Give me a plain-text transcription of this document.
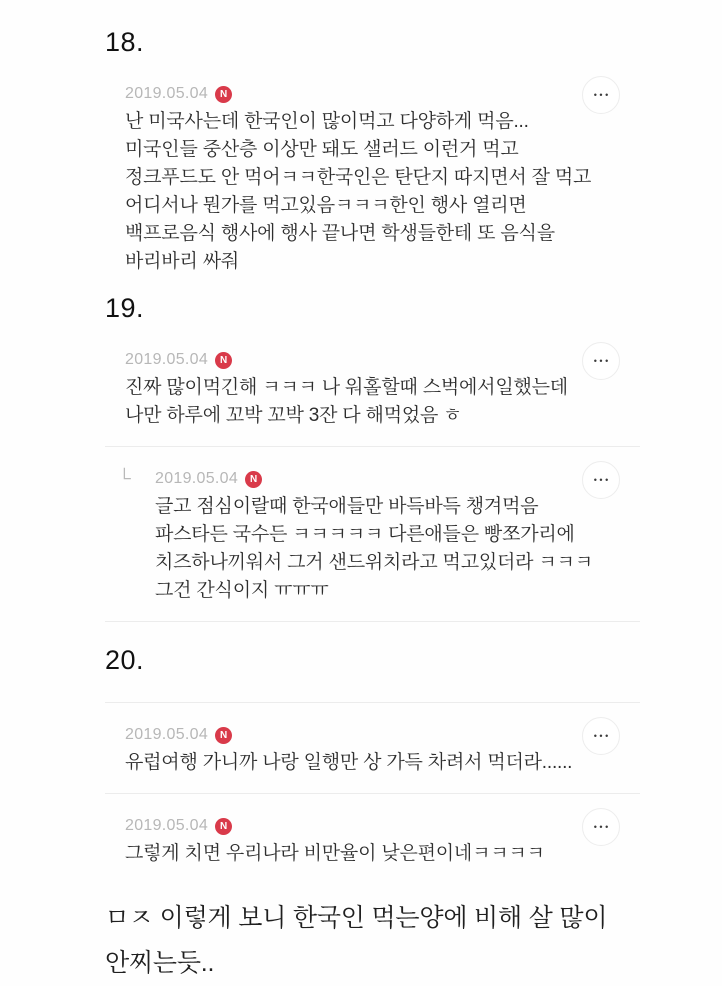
18.
2019.05.04	N
난 미국사는데 한국인이 많이먹고 다양하게 먹음...
미국인들 중산층 이상만 돼도 샐러드 이런거 먹고
정크푸드도 안 먹어ㅋㅋ한국인은 탄단지 따지면서 잘 먹고
어디서나 뭔가를 먹고있음ㅋㅋㅋ한인 행사 열리면
백프로음식 행사에 행사 끝나면 학생들한테 또 음식을
바리바리 싸줘
•••
19.
2019.05.04	N
진짜 많이먹긴해 ㅋㅋㅋ 나 워홀할때 스벅에서일했는데
나만 하루에 꼬박 꼬박 3잔 다 해먹었음 ㅎ
•••
└ 2019.05.04	N
글고 점심이랄때 한국애들만 바득바득 챙겨먹음
파스타든 국수든 ㅋㅋㅋㅋㅋ 다른애들은 빵쪼가리에
치즈하나끼워서 그거 샌드위치라고 먹고있더라 ㅋㅋㅋ
그건 간식이지 ㅠㅠㅠ
•••
20.
2019.05.04	N
유럽여행 가니까 나랑 일행만 상 가득 차려서 먹더라......
•••
2019.05.04	N
그렇게 치면 우리나라 비만율이 낮은편이네ㅋㅋㅋㅋ
•••
ㅁㅈ 이렇게 보니 한국인 먹는양에 비해 살 많이
안찌는듯..
